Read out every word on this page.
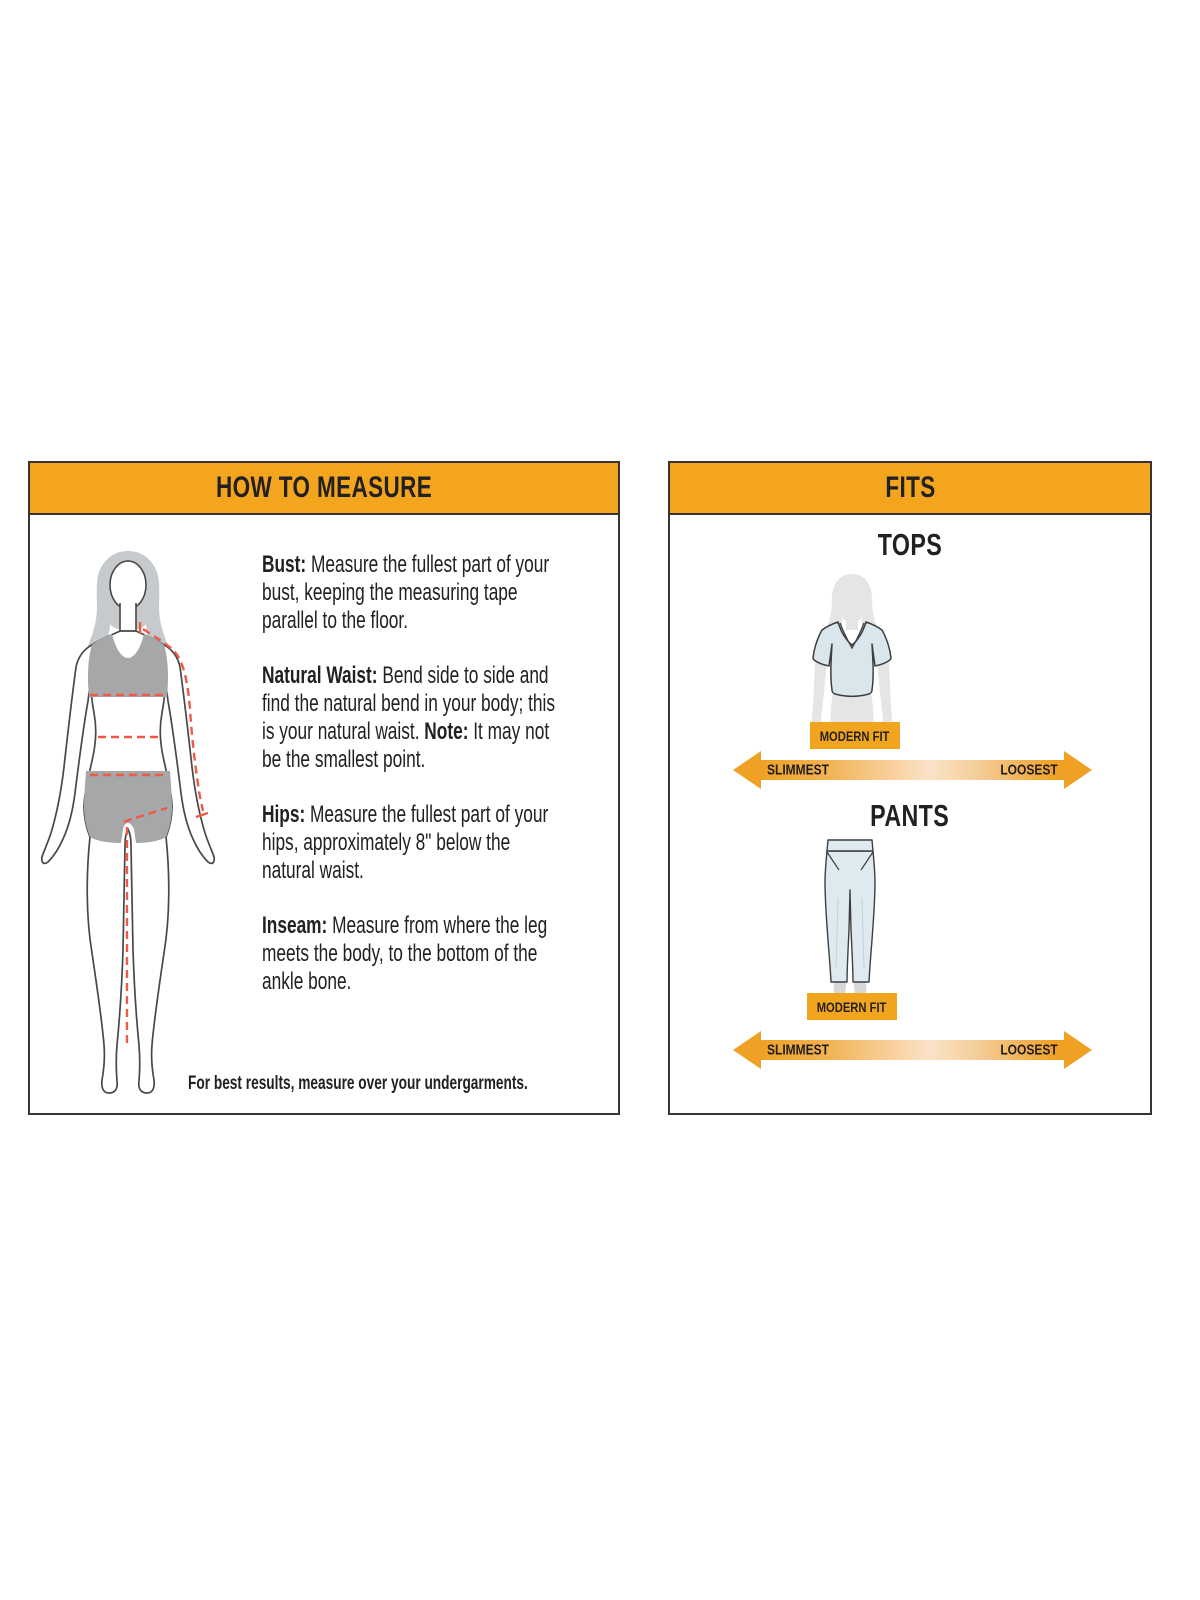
HOW TO MEASURE
Bust: Measure the fullest part of your
bust, keeping the measuring tape
parallel to the floor.
Natural Waist: Bend side to side and
find the natural bend in your body; this
is your natural waist. Note: It may not
be the smallest point.
Hips: Measure the fullest part of your
hips, approximately 8" below the
natural waist.
Inseam: Measure from where the leg
meets the body, to the bottom of the
ankle bone.
For best results, measure over your undergarments.
FITS
TOPS
MODERN FIT
SLIMMEST	LOOSEST
PANTS
MODERN FIT
SLIMMEST	LOOSEST
